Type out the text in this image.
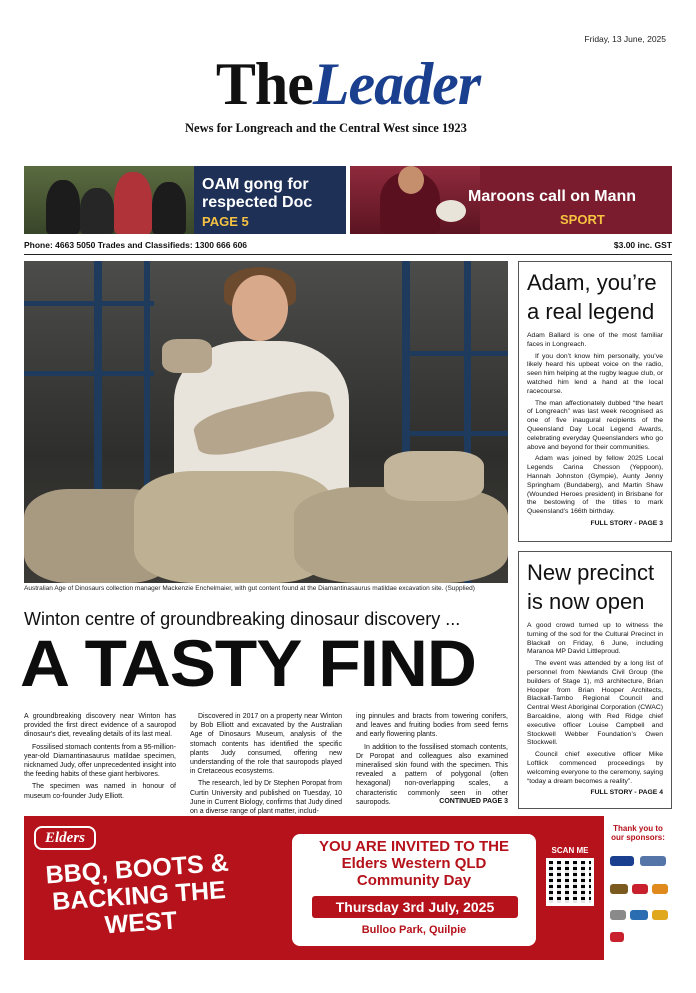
Friday, 13 June, 2025
TheLeader
News for Longreach and the Central West since 1923
OAM gong for respected Doc
PAGE 5
Maroons call on Mann
SPORT
Phone: 4663 5050 Trades and Classifieds: 1300 666 606	$3.00 inc. GST
Australian Age of Dinosaurs collection manager Mackenzie Enchelmaier, with gut content found at the Diamantinasaurus matildae excavation site. (Supplied)
Winton centre of groundbreaking dinosaur discovery ...
A TASTY FIND

A groundbreaking discovery near Winton has provided the first direct evidence of a sauropod dinosaur's diet, revealing details of its last meal.

Fossilised stomach contents from a 95-million-year-old Diamantinasaurus matildae specimen, nicknamed Judy, offer unprecedented insight into the feeding habits of these giant herbivores.

The specimen was named in honour of museum co-founder Judy Elliott.

Discovered in 2017 on a property near Winton by Bob Elliott and excavated by the Australian Age of Dinosaurs Museum, analysis of the stomach contents has identified the specific plants Judy consumed, offering new understanding of the role that sauropods played in Cretaceous ecosystems.

The research, led by Dr Stephen Poropat from Curtin University and published on Tuesday, 10 June in Current Biology, confirms that Judy dined on a diverse range of plant matter, includ-

ing pinnules and bracts from towering conifers, and leaves and fruiting bodies from seed ferns and early flowering plants.

In addition to the fossilised stomach contents, Dr Poropat and colleagues also examined mineralised skin found with the specimen. This revealed a pattern of polygonal (often hexagonal) non-overlapping scales, a characteristic commonly seen in other sauropods.	CONTINUED PAGE 3
Adam, you’re a real legend

Adam Ballard is one of the most familiar faces in Longreach.

If you don’t know him personally, you’ve likely heard his upbeat voice on the radio, seen him helping at the rugby league club, or watched him lend a hand at the local racecourse.

The man affectionately dubbed “the heart of Longreach” was last week recognised as one of five inaugural recipients of the Queensland Day Local Legend Awards, celebrating everyday Queenslanders who go above and beyond for their communities.

Adam was joined by fellow 2025 Local Legends Carina Chesson (Yeppoon), Hannah Johnston (Gympie), Aunty Jenny Springham (Bundaberg), and Martin Shaw (Wounded Heroes president) in Brisbane for the bestowing of the titles to mark Queensland’s 166th birthday.

FULL STORY - PAGE 3
New precinct is now open

A good crowd turned up to witness the turning of the sod for the Cultural Precinct in Blackall on Friday, 6 June, including Maranoa MP David Littleproud.

The event was attended by a long list of personnel from Newlands Civil Group (the builders of Stage 1), m3 architecture, Brian Hooper from Brian Hooper Architects, Blackall-Tambo Regional Council and Central West Aboriginal Corporation (CWAC) Barcaldine, along with Red Ridge chief executive officer Louise Campbell and Stockwell Webber Foundation’s Owen Stockwell.

Council chief executive officer Mike Loftlick commenced proceedings by welcoming everyone to the ceremony, saying “today a dream becomes a reality”.

FULL STORY - PAGE 4
Elders
BBQ, BOOTS & BACKING THE WEST
YOU ARE INVITED TO THE
Elders Western QLD Community Day
Thursday 3rd July, 2025
Bulloo Park, Quilpie
SCAN ME
Thank you to our sponsors:
